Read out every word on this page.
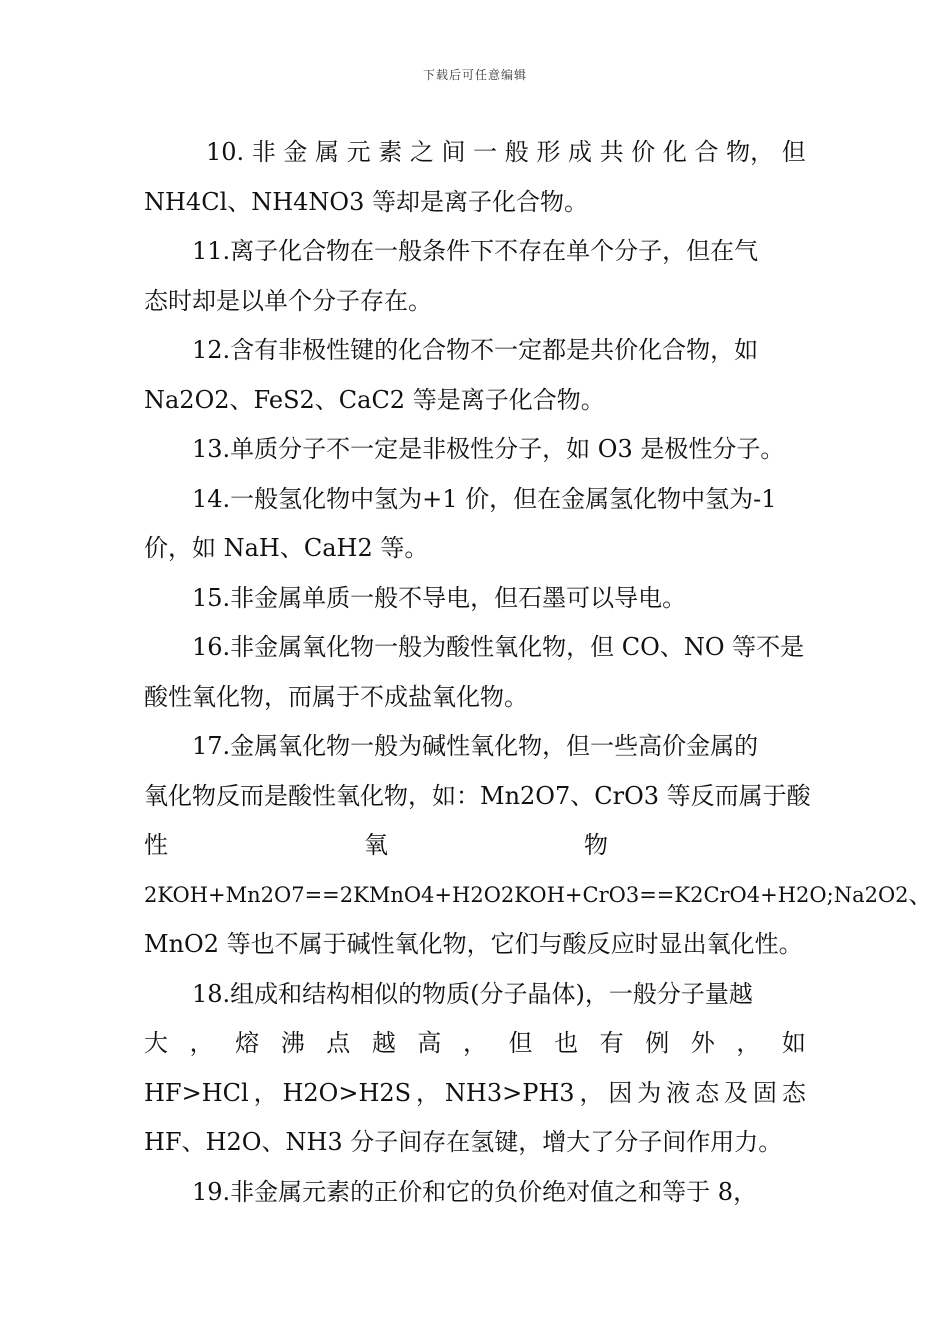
下载后可任意编辑
10. 非 金 属 元 素 之 间 一 般 形 成 共 价 化 合 物， 但
NH4Cl、NH4NO3 等却是离子化合物。
11.离子化合物在一般条件下不存在单个分子，但在气
态时却是以单个分子存在。
12.含有非极性键的化合物不一定都是共价化合物，如
Na2O2、FeS2、CaC2 等是离子化合物。
13.单质分子不一定是非极性分子，如 O3 是极性分子。
14.一般氢化物中氢为+1 价，但在金属氢化物中氢为-1
价，如 NaH、CaH2 等。
15.非金属单质一般不导电，但石墨可以导电。
16.非金属氧化物一般为酸性氧化物，但 CO、NO 等不是
酸性氧化物，而属于不成盐氧化物。
17.金属氧化物一般为碱性氧化物，但一些高价金属的
氧化物反而是酸性氧化物，如：Mn2O7、CrO3 等反而属于酸
性	氧	物
2KOH+Mn2O7==2KMnO4+H2O2KOH+CrO3==K2CrO4+H2O;Na2O2 、
MnO2 等也不属于碱性氧化物，它们与酸反应时显出氧化性。
18.组成和结构相似的物质(分子晶体)，一般分子量越
大 ， 熔 沸 点 越 高 ， 但 也 有 例 外 ， 如
HF>HCl ， H2O>H2S ， NH3>PH3 ， 因 为 液 态 及 固 态
HF、H2O、NH3 分子间存在氢键，增大了分子间作用力。
19.非金属元素的正价和它的负价绝对值之和等于 8，
